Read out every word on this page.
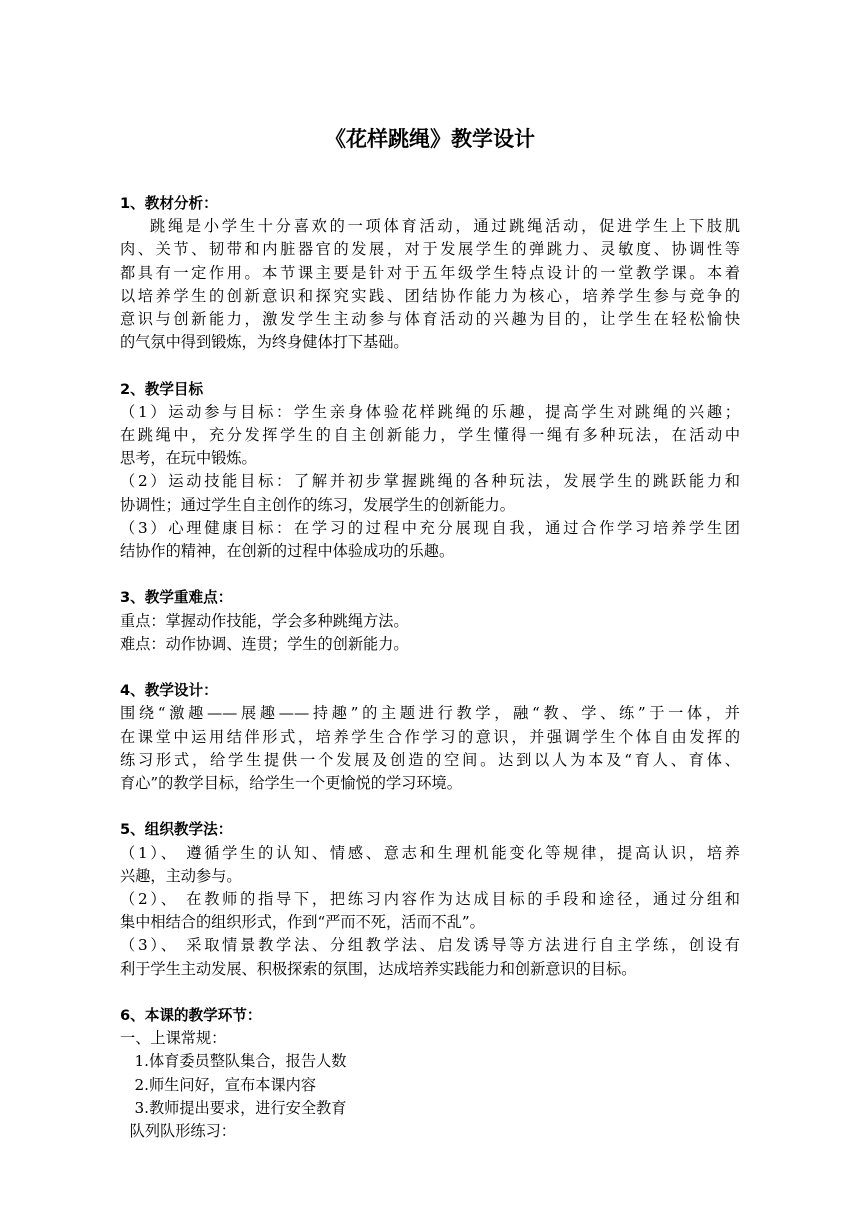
《花样跳绳》教学设计

1、教材分析：

跳绳是小学生十分喜欢的一项体育活动，通过跳绳活动，促进学生上下肢肌

肉、关节、韧带和内脏器官的发展，对于发展学生的弹跳力、灵敏度、协调性等

都具有一定作用。本节课主要是针对于五年级学生特点设计的一堂教学课。本着

以培养学生的创新意识和探究实践、团结协作能力为核心，培养学生参与竞争的

意识与创新能力，激发学生主动参与体育活动的兴趣为目的，让学生在轻松愉快

的气氛中得到锻炼，为终身健体打下基础。

2、教学目标

（1）运动参与目标：学生亲身体验花样跳绳的乐趣，提高学生对跳绳的兴趣；

在跳绳中，充分发挥学生的自主创新能力，学生懂得一绳有多种玩法，在活动中

思考，在玩中锻炼。

（2）运动技能目标：了解并初步掌握跳绳的各种玩法，发展学生的跳跃能力和

协调性；通过学生自主创作的练习，发展学生的创新能力。

（3）心理健康目标：在学习的过程中充分展现自我，通过合作学习培养学生团

结协作的精神，在创新的过程中体验成功的乐趣。

3、教学重难点：

重点：掌握动作技能，学会多种跳绳方法。

难点：动作协调、连贯；学生的创新能力。

4、教学设计：

围绕“激趣——展趣——持趣”的主题进行教学，融“教、学、练”于一体，并

在课堂中运用结伴形式，培养学生合作学习的意识，并强调学生个体自由发挥的

练习形式，给学生提供一个发展及创造的空间。达到以人为本及“育人、育体、

育心”的教学目标，给学生一个更愉悦的学习环境。

5、组织教学法：

（1）、 遵循学生的认知、情感、意志和生理机能变化等规律，提高认识，培养

兴趣，主动参与。

（2）、 在教师的指导下，把练习内容作为达成目标的手段和途径，通过分组和

集中相结合的组织形式，作到“严而不死，活而不乱”。

（3）、 采取情景教学法、分组教学法、启发诱导等方法进行自主学练，创设有

利于学生主动发展、积极探索的氛围，达成培养实践能力和创新意识的目标。

6、本课的教学环节：

一、上课常规：

1.体育委员整队集合，报告人数

2.师生问好，宣布本课内容

3.教师提出要求，进行安全教育

队列队形练习：
